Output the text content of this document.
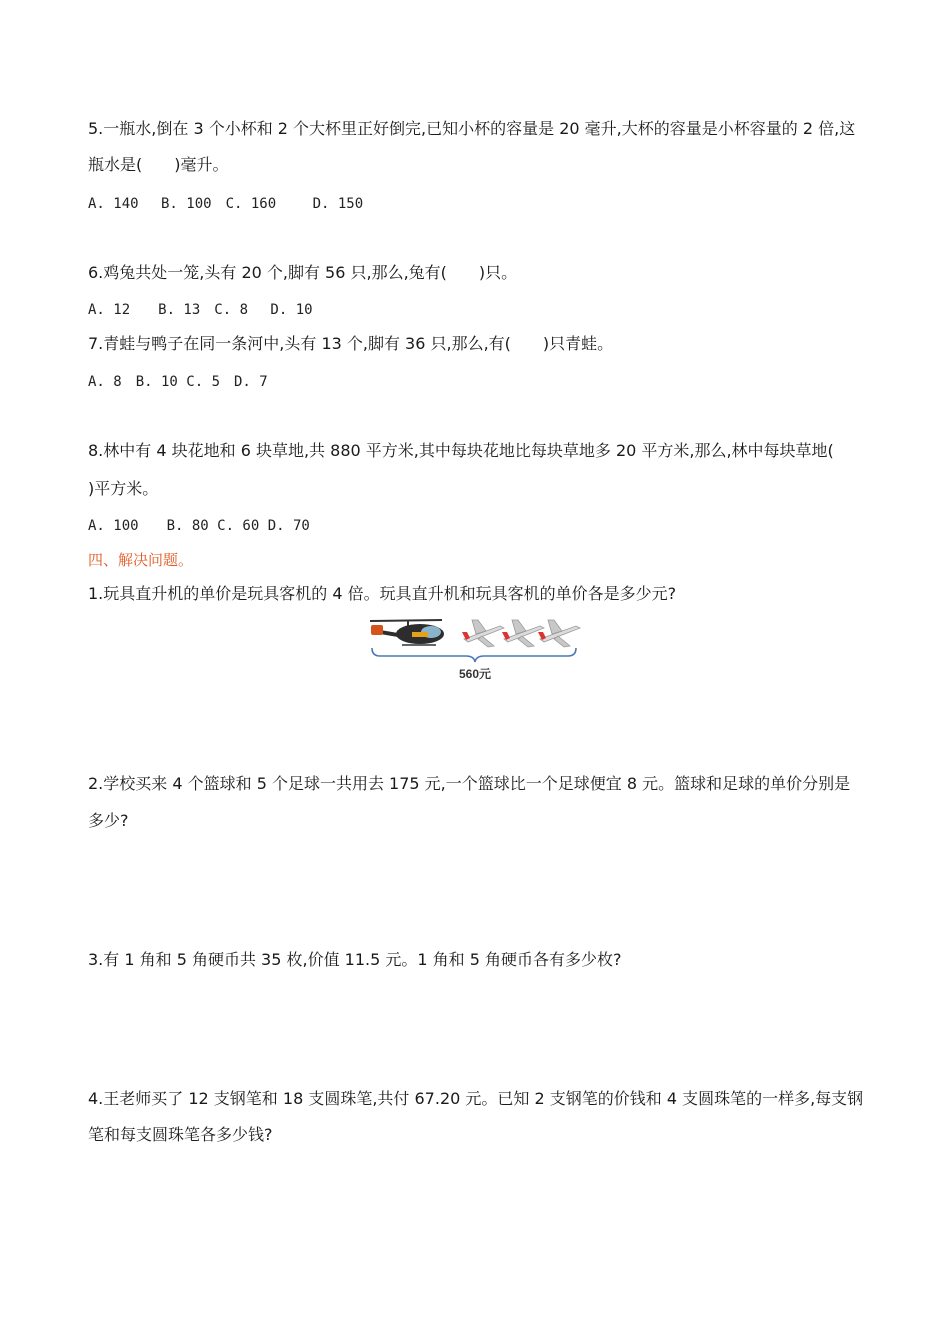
5.一瓶水,倒在 3 个小杯和 2 个大杯里正好倒完,已知小杯的容量是 20 毫升,大杯的容量是小杯容量的 2 倍,这
瓶水是(　　)毫升。
A. 140　 B. 100　C. 160　　 D. 150
6.鸡兔共处一笼,头有 20 个,脚有 56 只,那么,兔有(　　)只。
A. 12　　B. 13　C. 8　 D. 10
7.青蛙与鸭子在同一条河中,头有 13 个,脚有 36 只,那么,有(　　)只青蛙。
A. 8　B. 10 C. 5　D. 7
8.林中有 4 块花地和 6 块草地,共 880 平方米,其中每块花地比每块草地多 20 平方米,那么,林中每块草地(
)平方米。
A. 100　　B. 80 C. 60 D. 70
四、解决问题。
1.玩具直升机的单价是玩具客机的 4 倍。玩具直升机和玩具客机的单价各是多少元?
560元
2.学校买来 4 个篮球和 5 个足球一共用去 175 元,一个篮球比一个足球便宜 8 元。篮球和足球的单价分别是
多少?
3.有 1 角和 5 角硬币共 35 枚,价值 11.5 元。1 角和 5 角硬币各有多少枚?
4.王老师买了 12 支钢笔和 18 支圆珠笔,共付 67.20 元。已知 2 支钢笔的价钱和 4 支圆珠笔的一样多,每支钢
笔和每支圆珠笔各多少钱?
